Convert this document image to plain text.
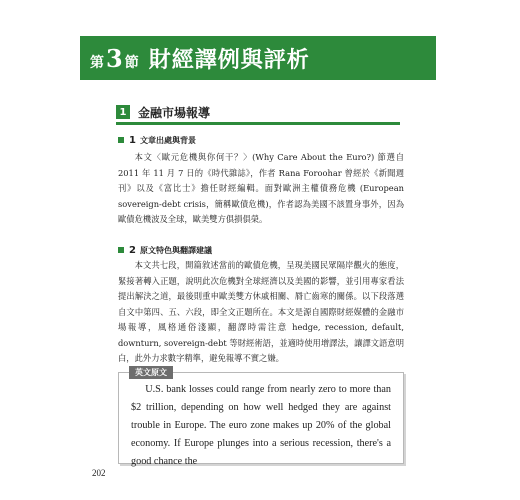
第3 節 財經譯例與評析
1 金融市場報導
1 文章出處與背景
本文〈歐元危機與你何干？〉(Why Care About the Euro?) 節選自 2011 年 11 月 7 日的《時代雜誌》，作者 Rana Foroohar 曾經於《新聞週刊》以及《富比士》擔任財經編輯。面對歐洲主權債務危機 (European sovereign-debt crisis，簡稱歐債危機)，作者認為美國不該置身事外，因為歐債危機波及全球，歐美雙方俱損俱榮。
2 原文特色與翻譯建議
本文共七段，開篇敘述當前的歐債危機，呈現美國民眾隔岸觀火的態度，緊接著轉入正題，說明此次危機對全球經濟以及美國的影響，並引用專家看法提出解決之道，最後則重申歐美雙方休戚相關、脣亡齒寒的關係。以下段落選自文中第四、五、六段，即全文正題所在。本文是源自國際財經媒體的金融市場報導，風格通俗淺顯，翻譯時需注意 hedge, recession, default, downturn, sovereign-debt 等財經術語，並適時使用增譯法，讓譯文語意明白，此外力求數字精準，避免報導不實之嫌。
英文原文
U.S. bank losses could range from nearly zero to more than $2 trillion, depending on how well hedged they are against trouble in Europe. The euro zone makes up 20% of the global economy. If Europe plunges into a serious recession, there's a good chance the
202
